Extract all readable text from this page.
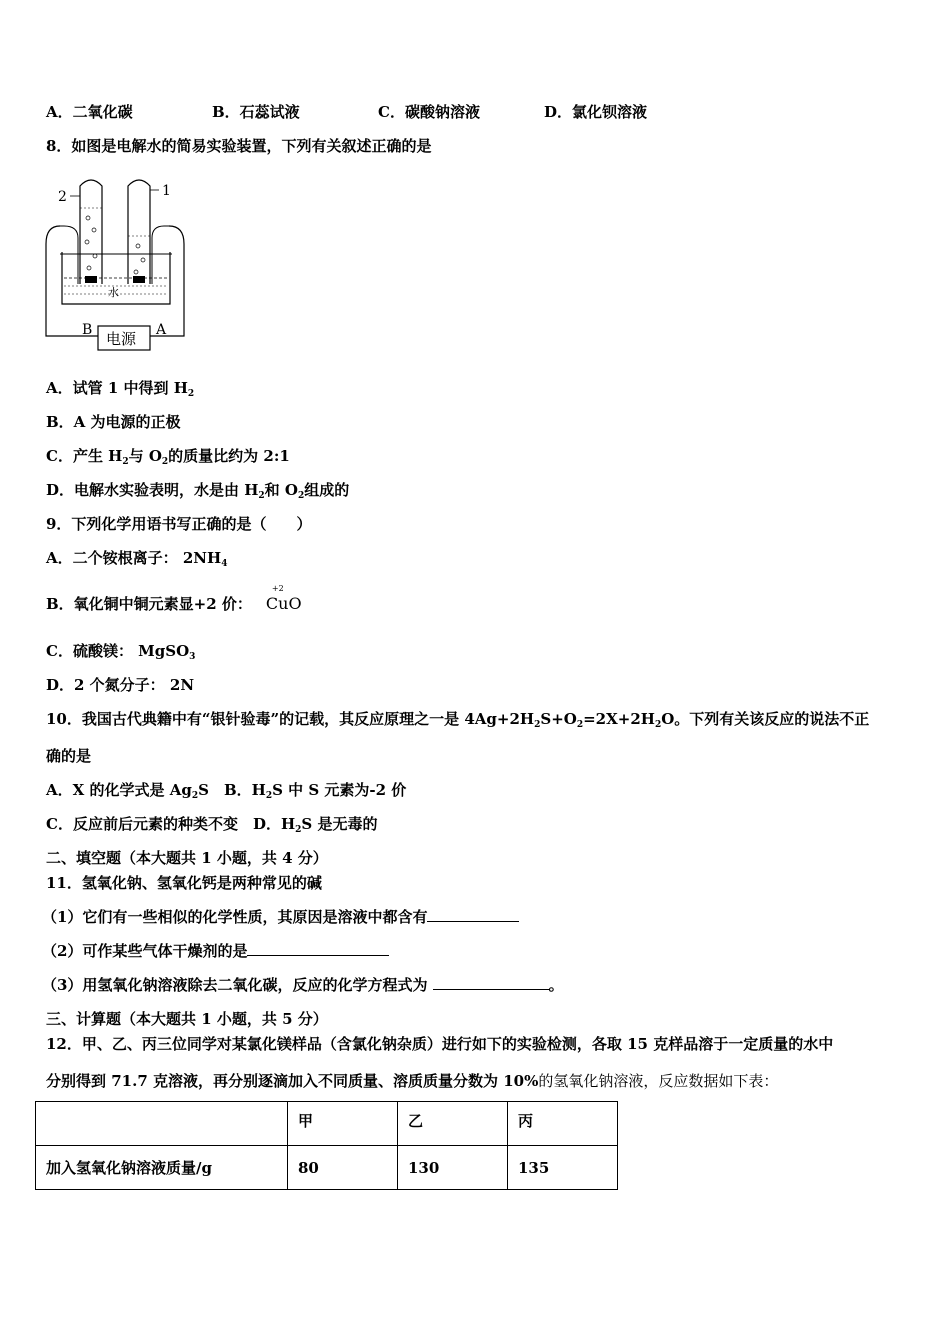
A．二氧化碳	B．石蕊试液	C．碳酸钠溶液	D．氯化钡溶液
8．如图是电解水的简易实验装置，下列有关叙述正确的是
2	1
水
B	A
电源
A．试管 1 中得到 $H_2$
B．A 为电源的正极
C．产生 $H_2$与 $O_2$的质量比约为 2:1
D．电解水实验表明，水是由 $H_2$和 $O_2$组成的
9．下列化学用语书写正确的是（　　）
A．二个铵根离子： $2NH_4$
B．氧化铜中铜元素显+2 价：
+2
CuO
C．硫酸镁： MgSO$_3$
D．2 个氮分子： 2N
10．我国古代典籍中有“银针验毒”的记载，其反应原理之一是 $4Ag+2H_2S+O_2=2X+2H_2O$。下列有关该反应的说法不正
确的是
A．X 的化学式是 $Ag_2S$　B．$H_2S$ 中 S 元素为-2 价
C．反应前后元素的种类不变　D．$H_2S$ 是无毒的
二、填空题（本大题共 1 小题，共 4 分）
11．氢氧化钠、氢氧化钙是两种常见的碱
（1）它们有一些相似的化学性质，其原因是溶液中都含有
（2）可作某些气体干燥剂的是
（3）用氢氧化钠溶液除去二氧化碳，反应的化学方程式为	。
三、计算题（本大题共 1 小题，共 5 分）
12．甲、乙、丙三位同学对某氯化镁样品（含氯化钠杂质）进行如下的实验检测，各取 15 克样品溶于一定质量的水中
分别得到 71.7 克溶液，再分别逐滴加入不同质量、溶质质量分数为 10%的氢氧化钠溶液，反应数据如下表：
	甲	乙	丙
加入氢氧化钠溶液质量/g	80	130	135
